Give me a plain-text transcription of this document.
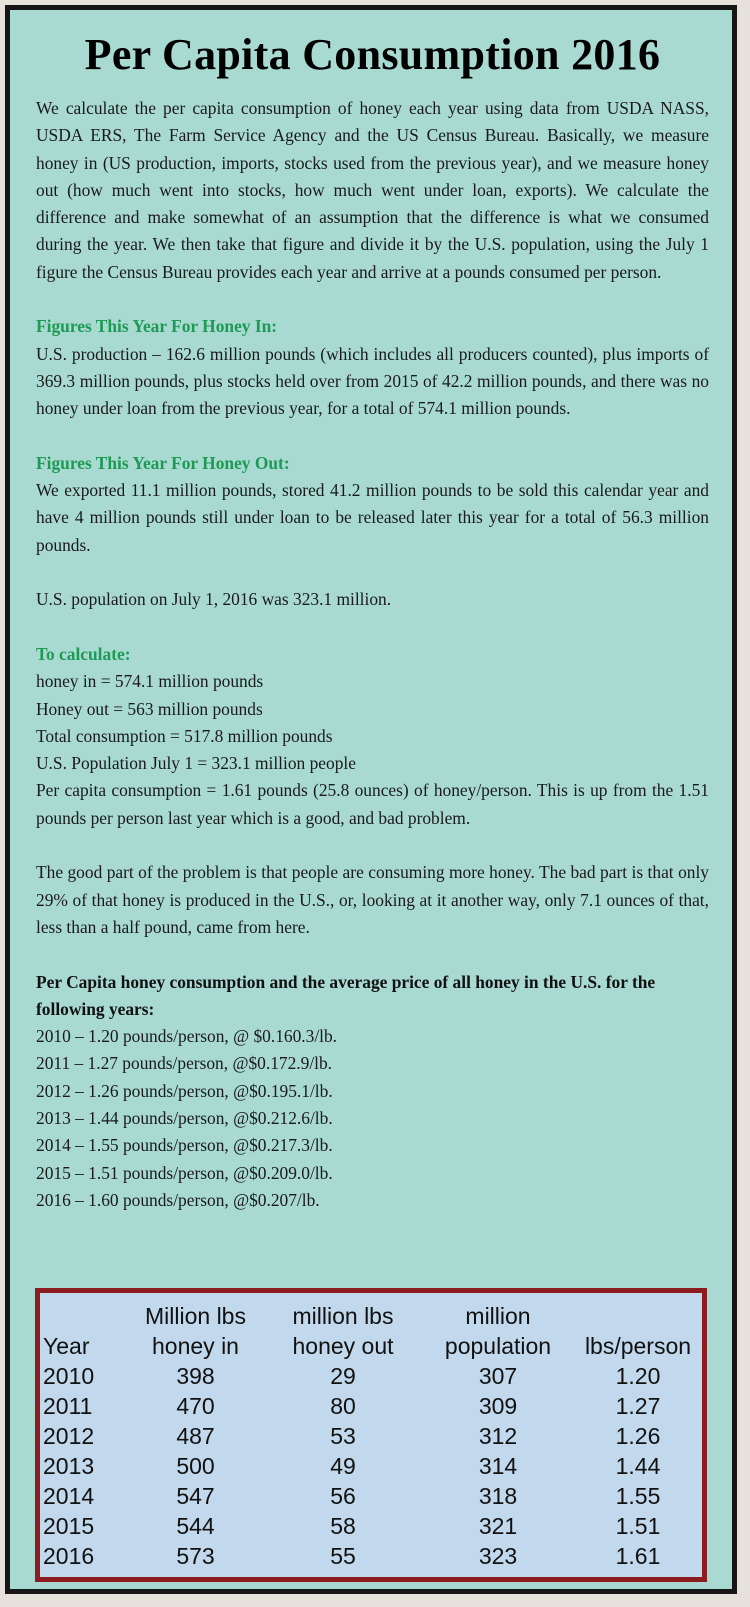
Per Capita Consumption 2016

We calculate the per capita consumption of honey each year using data from USDA NASS, USDA ERS, The Farm Service Agency and the US Census Bureau. Basically, we measure honey in (US production, imports, stocks used from the previous year), and we measure honey out (how much went into stocks, how much went under loan, exports). We calculate the difference and make somewhat of an assumption that the difference is what we consumed during the year. We then take that figure and divide it by the U.S. population, using the July 1 figure the Census Bureau provides each year and arrive at a pounds consumed per person.

Figures This Year For Honey In:

U.S. production – 162.6 million pounds (which includes all producers counted), plus imports of 369.3 million pounds, plus stocks held over from 2015 of 42.2 million pounds, and there was no honey under loan from the previous year, for a total of 574.1 million pounds.

Figures This Year For Honey Out:

We exported 11.1 million pounds, stored 41.2 million pounds to be sold this calendar year and have 4 million pounds still under loan to be released later this year for a total of 56.3 million pounds.

U.S. population on July 1, 2016 was 323.1 million.

To calculate:

honey in = 574.1 million pounds

Honey out = 563 million pounds

Total consumption = 517.8 million pounds

U.S. Population July 1 = 323.1 million people

Per capita consumption = 1.61 pounds (25.8 ounces) of honey/person. This is up from the 1.51 pounds per person last year which is a good, and bad problem.

The good part of the problem is that people are consuming more honey. The bad part is that only 29% of that honey is produced in the U.S., or, looking at it another way, only 7.1 ounces of that, less than a half pound, came from here.

Per Capita honey consumption and the average price of all honey in the U.S. for the following years:

2010 – 1.20 pounds/person, @ $0.160.3/lb.

2011 – 1.27 pounds/person, @$0.172.9/lb.

2012 – 1.26 pounds/person, @$0.195.1/lb.

2013 – 1.44 pounds/person, @$0.212.6/lb.

2014 – 1.55 pounds/person, @$0.217.3/lb.

2015 – 1.51 pounds/person, @$0.209.0/lb.

2016 – 1.60 pounds/person, @$0.207/lb.

	Million lbs	million lbs	million	
Year	honey in	honey out	population	lbs/person
2010	398	29	307	1.20
2011	470	80	309	1.27
2012	487	53	312	1.26
2013	500	49	314	1.44
2014	547	56	318	1.55
2015	544	58	321	1.51
2016	573	55	323	1.61
